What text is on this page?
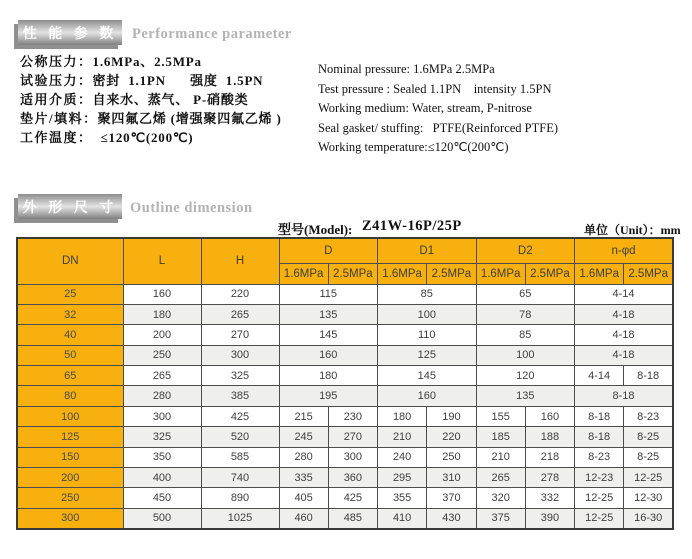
性 能 参 数 Performance parameter
公称压力：1.6MPa、2.5MPa
试验压力：密封  1.1PN      强度  1.5PN
适用介质：自来水、蒸气、 P-硝酸类
垫片/填料：聚四氟乙烯 (增强聚四氟乙烯 )
工作温度：  ≤120℃(200℃)
Nominal pressure: 1.6MPa 2.5MPa
Test pressure : Sealed 1.1PN    intensity 1.5PN
Working medium: Water, stream, P-nitrose
Seal gasket/ stuffing:   PTFE(Reinforced PTFE)
Working temperature:≤120℃(200℃)
外 形 尺 寸 Outline dimension
型号(Model): Z41W-16P/25P	单位（Unit）：mm
DN	L	H	D		D1		D2		n-φd	
			1.6MPa	2.5MPa	1.6MPa	2.5MPa	1.6MPa	2.5MPa	1.6MPa	2.5MPa
25	160	220	115		85		65		4-14	
32	180	265	135		100		78		4-18	
40	200	270	145		110		85		4-18	
50	250	300	160		125		100		4-18	
65	265	325	180		145		120		4-14	8-18
80	280	385	195		160		135		8-18	
100	300	425	215	230	180	190	155	160	8-18	8-23
125	325	520	245	270	210	220	185	188	8-18	8-25
150	350	585	280	300	240	250	210	218	8-23	8-25
200	400	740	335	360	295	310	265	278	12-23	12-25
250	450	890	405	425	355	370	320	332	12-25	12-30
300	500	1025	460	485	410	430	375	390	12-25	16-30
